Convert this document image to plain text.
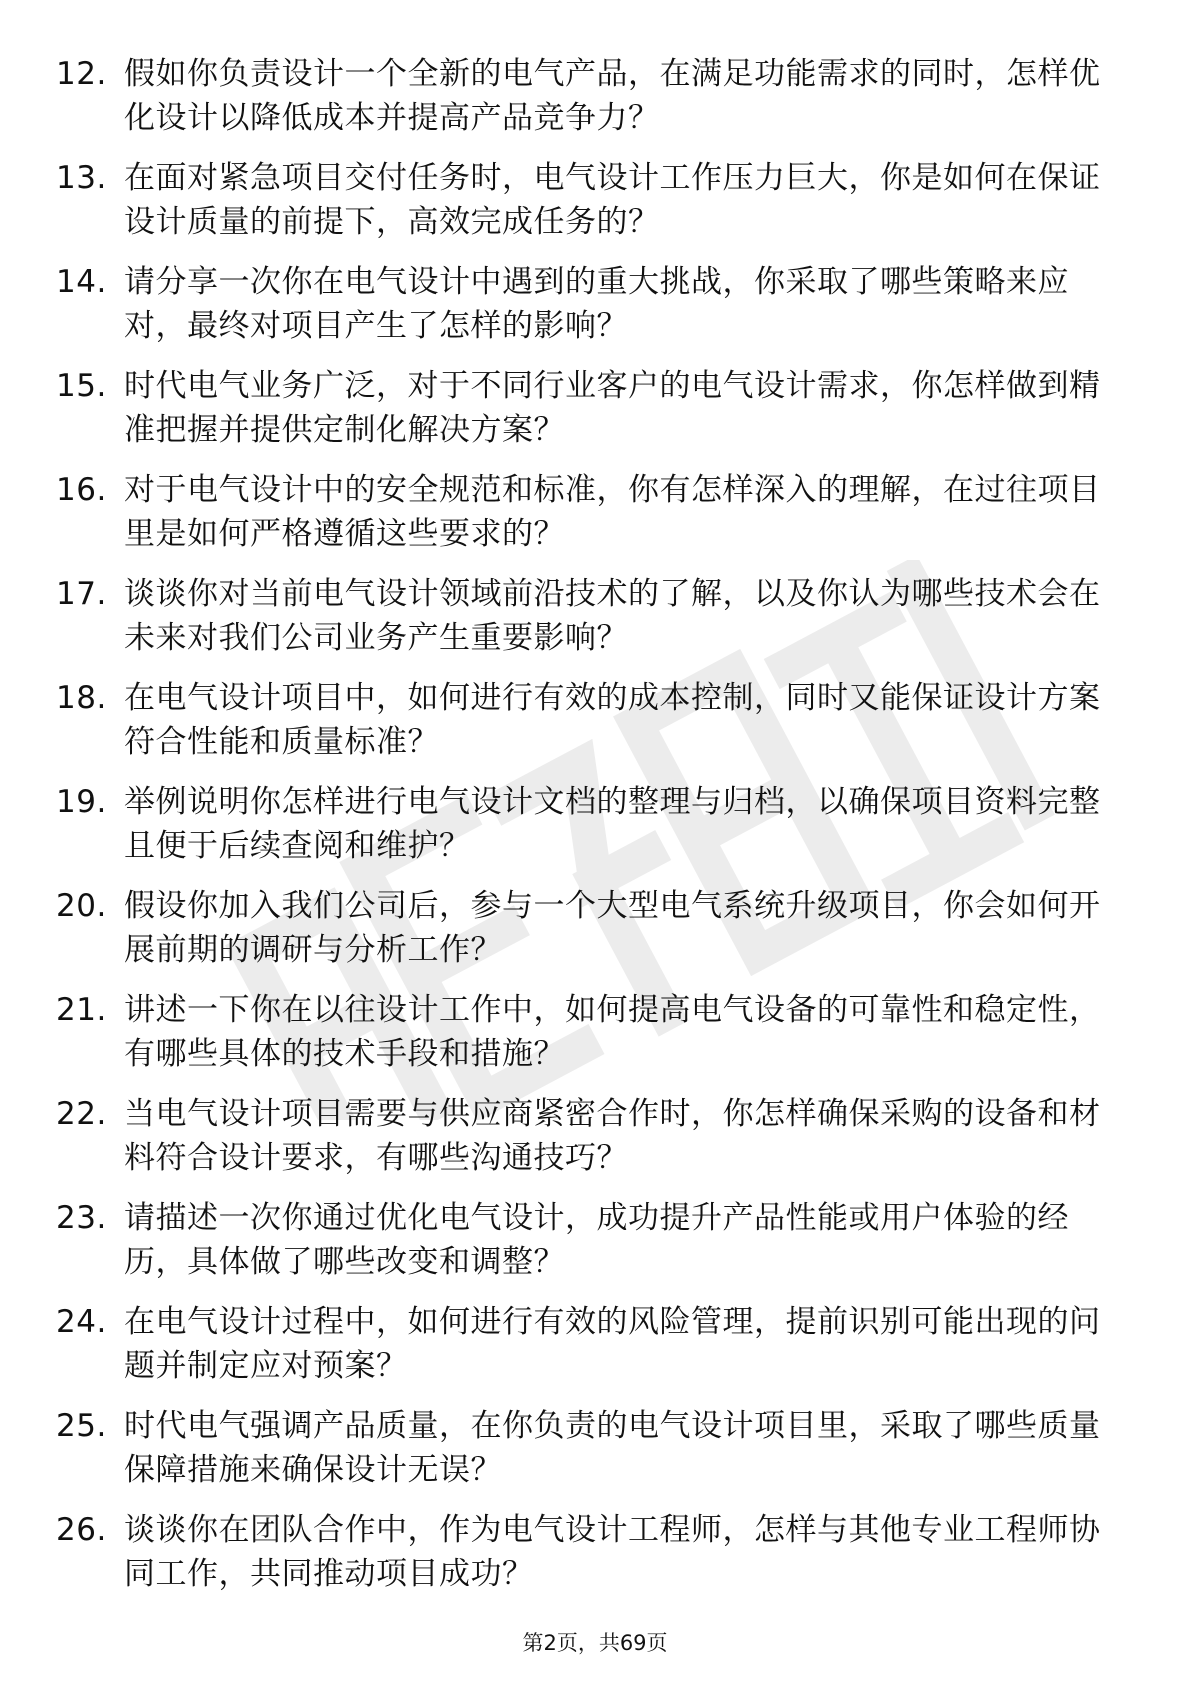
12. 假如你负责设计一个全新的电气产品，在满足功能需求的同时，怎样优化设计以降低成本并提高产品竞争力？
13. 在面对紧急项目交付任务时，电气设计工作压力巨大，你是如何在保证设计质量的前提下，高效完成任务的？
14. 请分享一次你在电气设计中遇到的重大挑战，你采取了哪些策略来应对，最终对项目产生了怎样的影响？
15. 时代电气业务广泛，对于不同行业客户的电气设计需求，你怎样做到精准把握并提供定制化解决方案？
16. 对于电气设计中的安全规范和标准，你有怎样深入的理解，在过往项目里是如何严格遵循这些要求的？
17. 谈谈你对当前电气设计领域前沿技术的了解，以及你认为哪些技术会在未来对我们公司业务产生重要影响？
18. 在电气设计项目中，如何进行有效的成本控制，同时又能保证设计方案符合性能和质量标准？
19. 举例说明你怎样进行电气设计文档的整理与归档，以确保项目资料完整且便于后续查阅和维护？
20. 假设你加入我们公司后，参与一个大型电气系统升级项目，你会如何开展前期的调研与分析工作？
21. 讲述一下你在以往设计工作中，如何提高电气设备的可靠性和稳定性，有哪些具体的技术手段和措施？
22. 当电气设计项目需要与供应商紧密合作时，你怎样确保采购的设备和材料符合设计要求，有哪些沟通技巧？
23. 请描述一次你通过优化电气设计，成功提升产品性能或用户体验的经历，具体做了哪些改变和调整？
24. 在电气设计过程中，如何进行有效的风险管理，提前识别可能出现的问题并制定应对预案？
25. 时代电气强调产品质量，在你负责的电气设计项目里，采取了哪些质量保障措施来确保设计无误？
26. 谈谈你在团队合作中，作为电气设计工程师，怎样与其他专业工程师协同工作，共同推动项目成功？
第2页，共69页
